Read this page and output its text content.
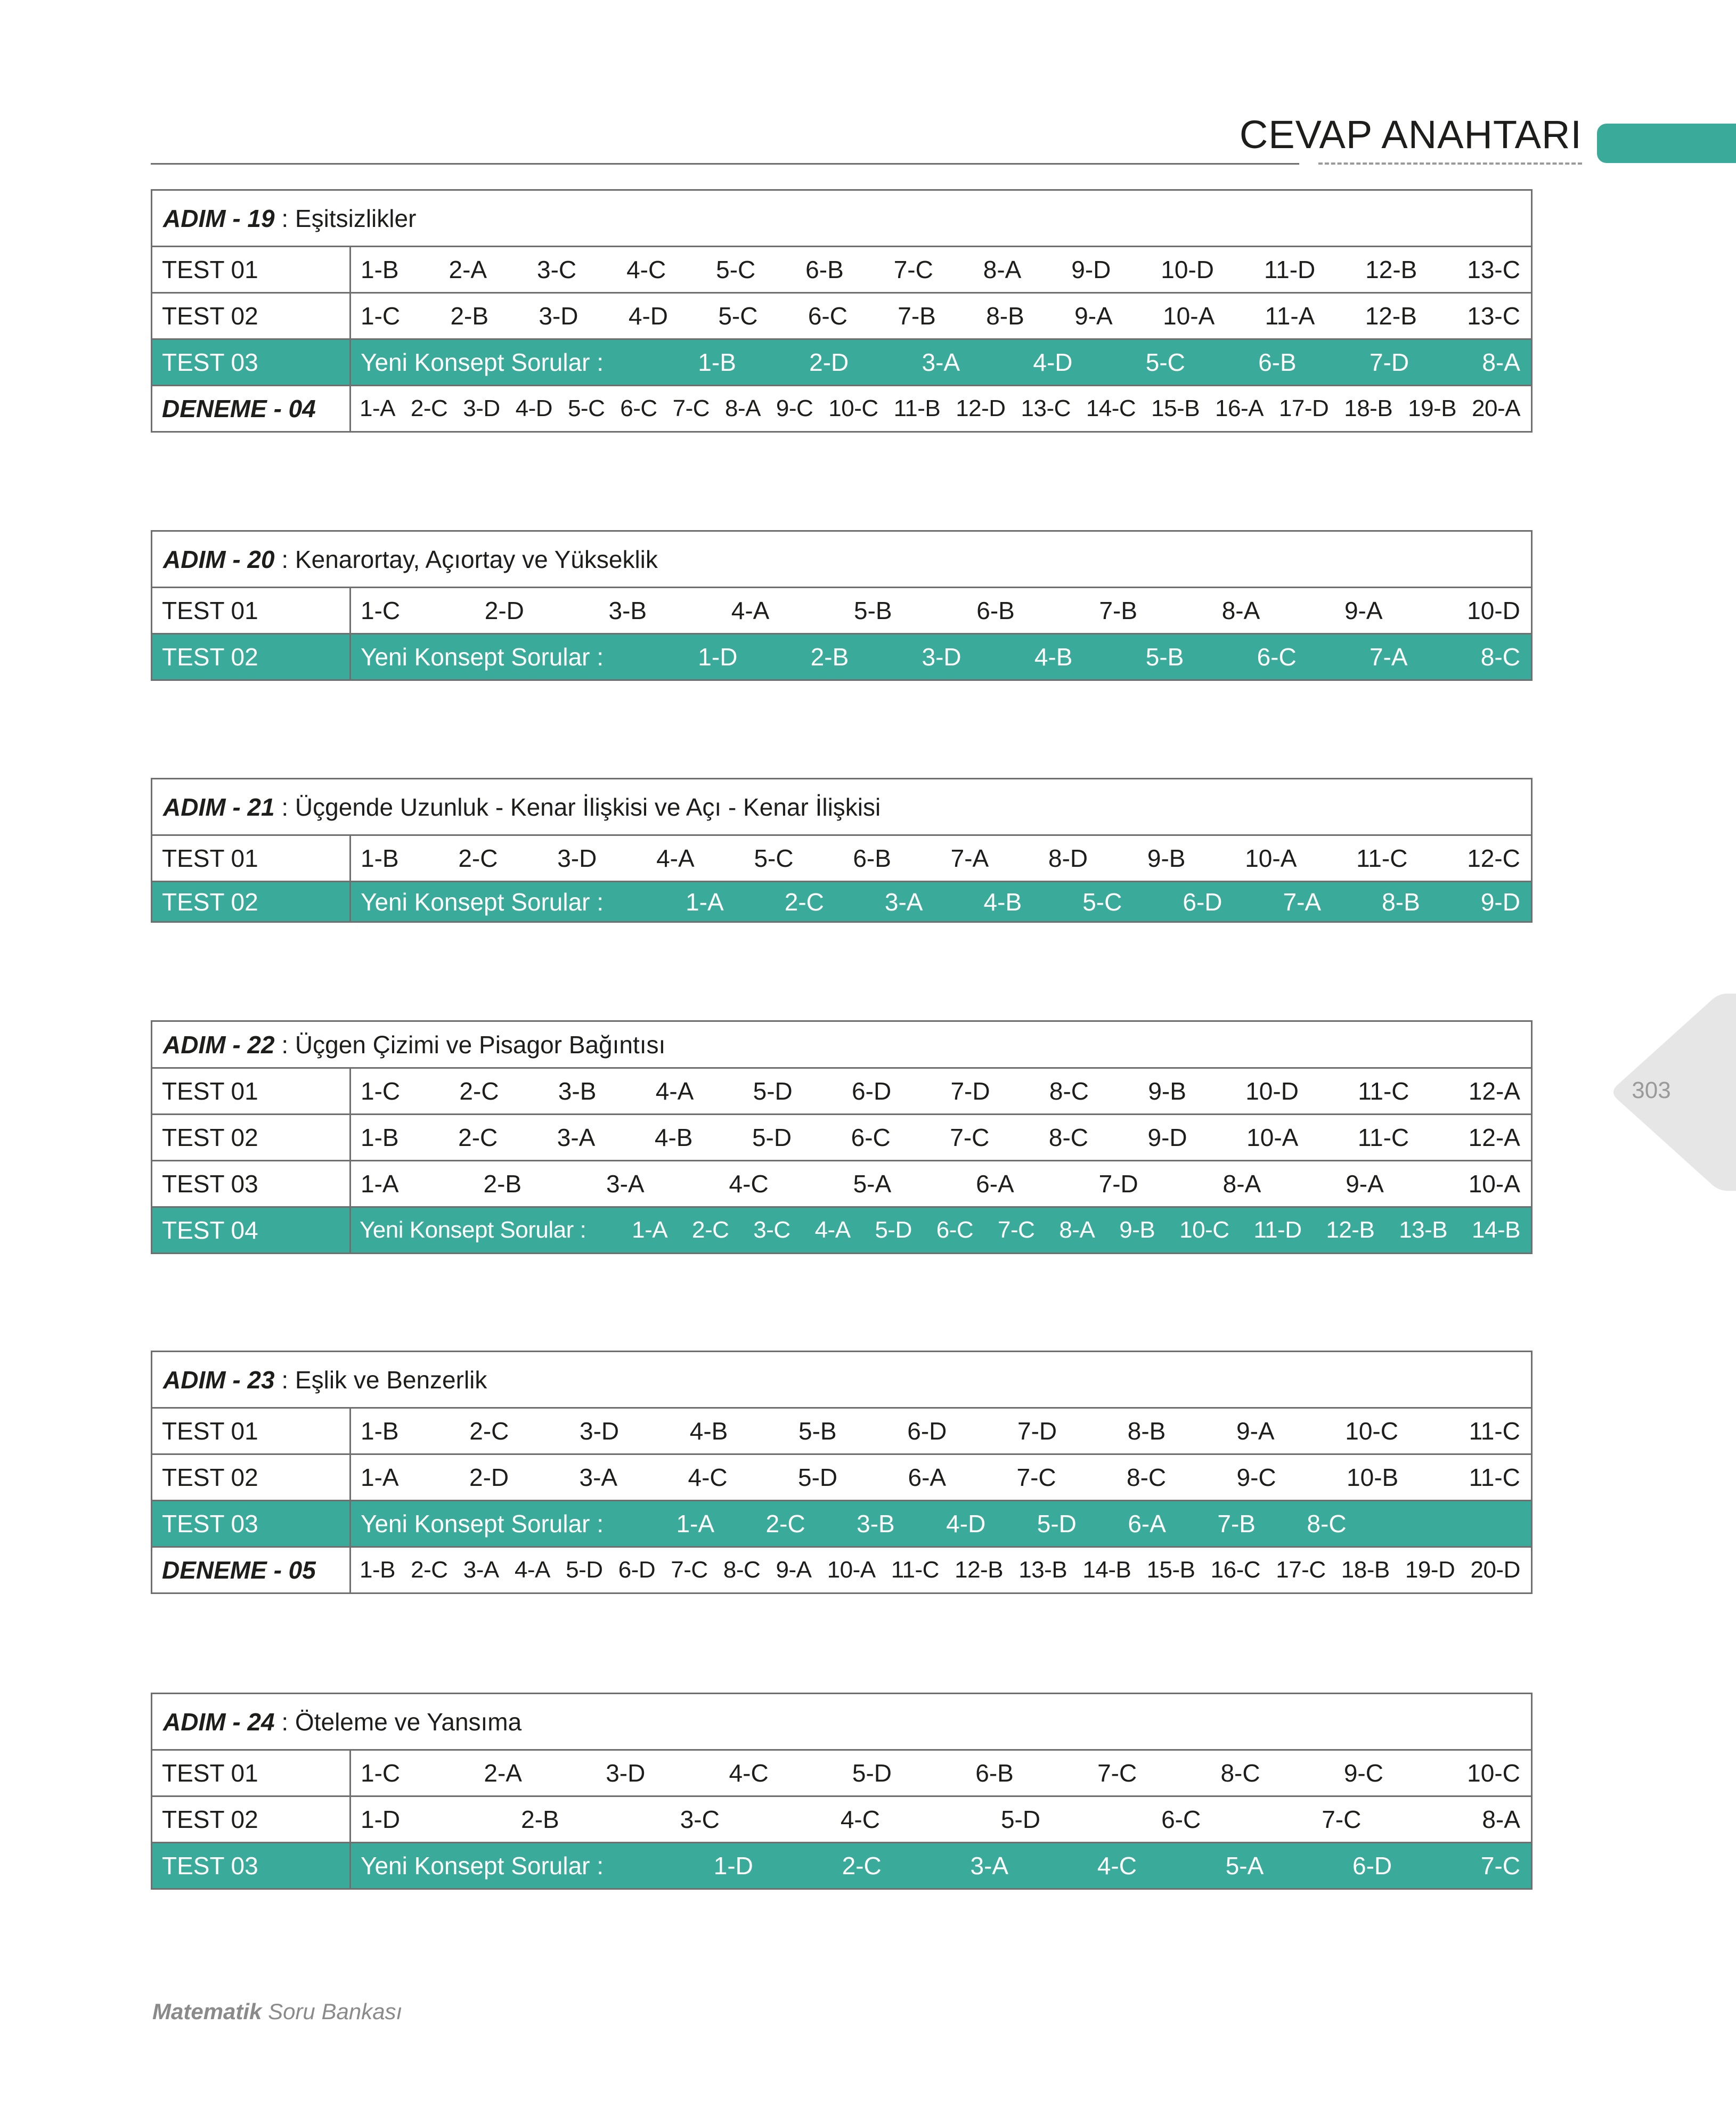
CEVAP ANAHTARI
303
ADIM - 19 : Eşitsizlikler
TEST 01	1-B 2-A 3-C 4-C 5-C 6-B 7-C 8-A 9-D 10-D 11-D 12-B 13-C
TEST 02	1-C 2-B 3-D 4-D 5-C 6-C 7-B 8-B 9-A 10-A 11-A 12-B 13-C
TEST 03	Yeni Konsept Sorular :	1-B	2-D	3-A	4-D	5-C	6-B	7-D	8-A
DENEME - 04	1-A 2-C 3-D 4-D 5-C 6-C 7-C 8-A 9-C 10-C 11-B 12-D 13-C 14-C 15-B 16-A 17-D 18-B 19-B 20-A
ADIM - 20 : Kenarortay, Açıortay ve Yükseklik
TEST 01	1-C	2-D	3-B	4-A	5-B	6-B	7-B	8-A	9-A	10-D
TEST 02	Yeni Konsept Sorular :	1-D	2-B	3-D	4-B	5-B	6-C	7-A	8-C
ADIM - 21 : Üçgende Uzunluk - Kenar İlişkisi ve Açı - Kenar İlişkisi
TEST 01	1-B 2-C 3-D 4-A 5-C 6-B 7-A 8-D 9-B 10-A 11-C 12-C
TEST 02	Yeni Konsept Sorular :	1-A 2-C 3-A 4-B 5-C 6-D 7-A 8-B 9-D
ADIM - 22 : Üçgen Çizimi ve Pisagor Bağıntısı
TEST 01	1-C 2-C 3-B 4-A 5-D 6-D 7-D 8-C 9-B 10-D 11-C 12-A
TEST 02	1-B 2-C 3-A 4-B 5-D 6-C 7-C 8-C 9-D 10-A 11-C 12-A
TEST 03	1-A	2-B	3-A	4-C	5-A	6-A	7-D	8-A	9-A	10-A
TEST 04	Yeni Konsept Sorular : 1-A 2-C 3-C 4-A 5-D 6-C 7-C 8-A 9-B 10-C 11-D 12-B 13-B 14-B
ADIM - 23 : Eşlik ve Benzerlik
TEST 01	1-B	2-C	3-D	4-B	5-B	6-D	7-D	8-B	9-A	10-C	11-C
TEST 02	1-A	2-D	3-A	4-C	5-D	6-A	7-C	8-C	9-C	10-B	11-C
TEST 03	Yeni Konsept Sorular :	1-A 2-C 3-B 4-D 5-D 6-A 7-B 8-C
DENEME - 05	1-B 2-C 3-A 4-A 5-D 6-D 7-C 8-C 9-A 10-A 11-C 12-B 13-B 14-B 15-B 16-C 17-C 18-B 19-D 20-D
ADIM - 24 : Öteleme ve Yansıma
TEST 01	1-C	2-A	3-D	4-C	5-D	6-B	7-C	8-C	9-C	10-C
TEST 02	1-D	2-B	3-C	4-C	5-D	6-C	7-C	8-A
TEST 03	Yeni Konsept Sorular :	1-D	2-C	3-A	4-C	5-A	6-D	7-C
Matematik Soru Bankası
